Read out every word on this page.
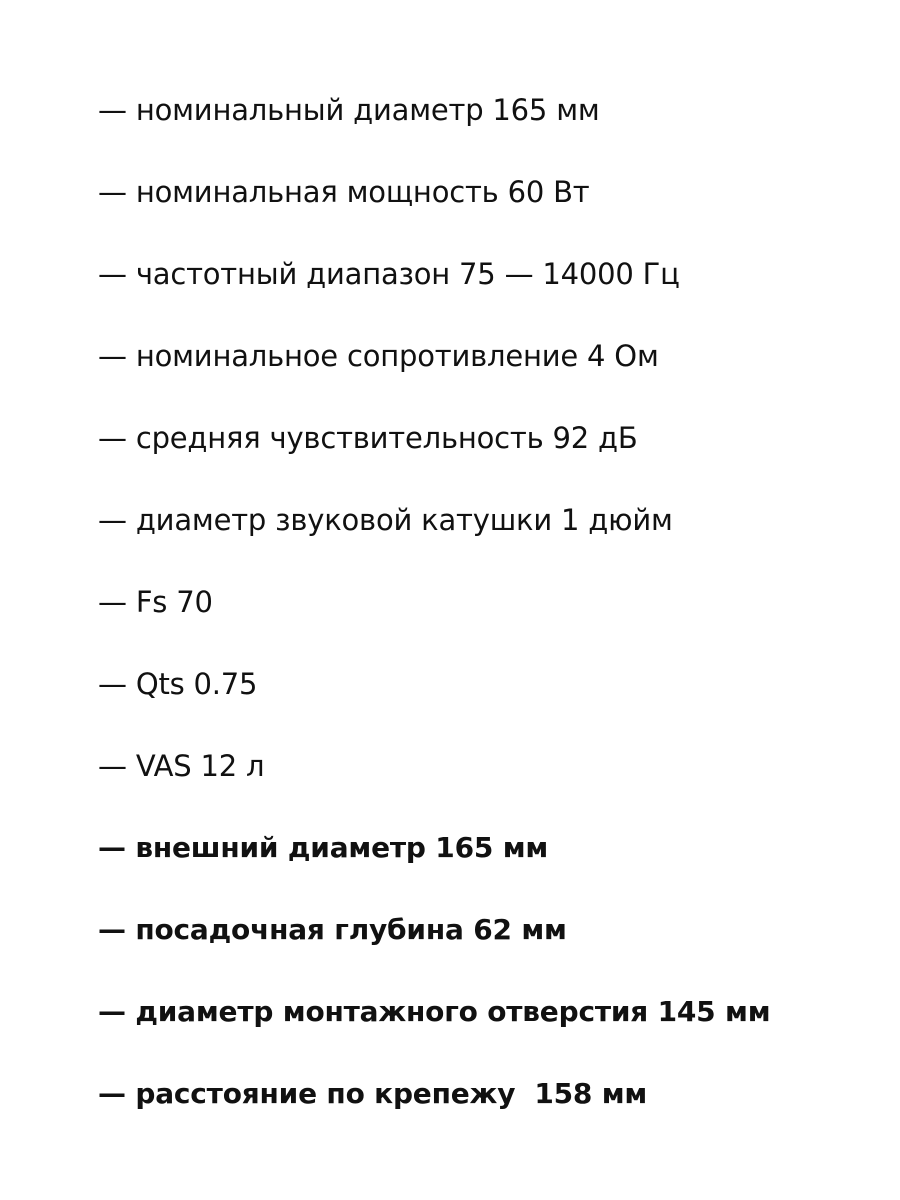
— номинальный диаметр 165 мм
— номинальная мощность 60 Вт
— частотный диапазон 75 — 14000 Гц
— номинальное сопротивление 4 Ом
— средняя чувствительность 92 дБ
— диаметр звуковой катушки 1 дюйм
— Fs 70
— Qts 0.75
— VAS 12 л
— внешний диаметр 165 мм
— посадочная глубина 62 мм
— диаметр монтажного отверстия 145 мм
— расстояние по крепежу  158 мм
